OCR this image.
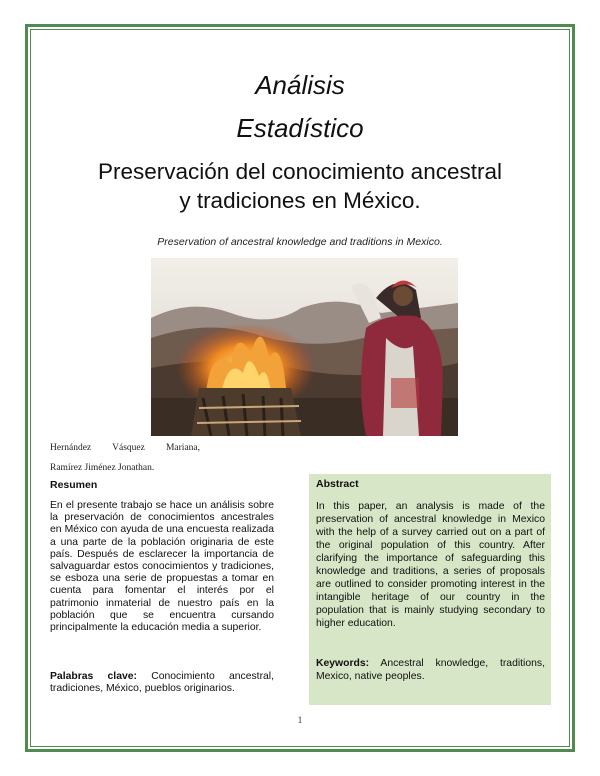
Análisis
Estadístico
Preservación del conocimiento ancestral
y tradiciones en México.
Preservation of ancestral knowledge and traditions in Mexico.
Hernández Vásquez Mariana,
Ramírez Jiménez Jonathan.
Resumen
En el presente trabajo se hace un análisis sobre la preservación de conocimientos ancestrales en México con ayuda de una encuesta realizada a una parte de la población originaria de este país. Después de esclarecer la importancia de salvaguardar estos conocimientos y tradiciones, se esboza una serie de propuestas a tomar en cuenta para fomentar el interés por el patrimonio inmaterial de nuestro país en la población que se encuentra cursando principalmente la educación media a superior.
Palabras clave: Conocimiento ancestral, tradiciones, México, pueblos originarios.
Abstract
In this paper, an analysis is made of the preservation of ancestral knowledge in Mexico with the help of a survey carried out on a part of the original population of this country. After clarifying the importance of safeguarding this knowledge and traditions, a series of proposals are outlined to consider promoting interest in the intangible heritage of our country in the population that is mainly studying secondary to higher education.
Keywords: Ancestral knowledge, traditions, Mexico, native peoples.
1
